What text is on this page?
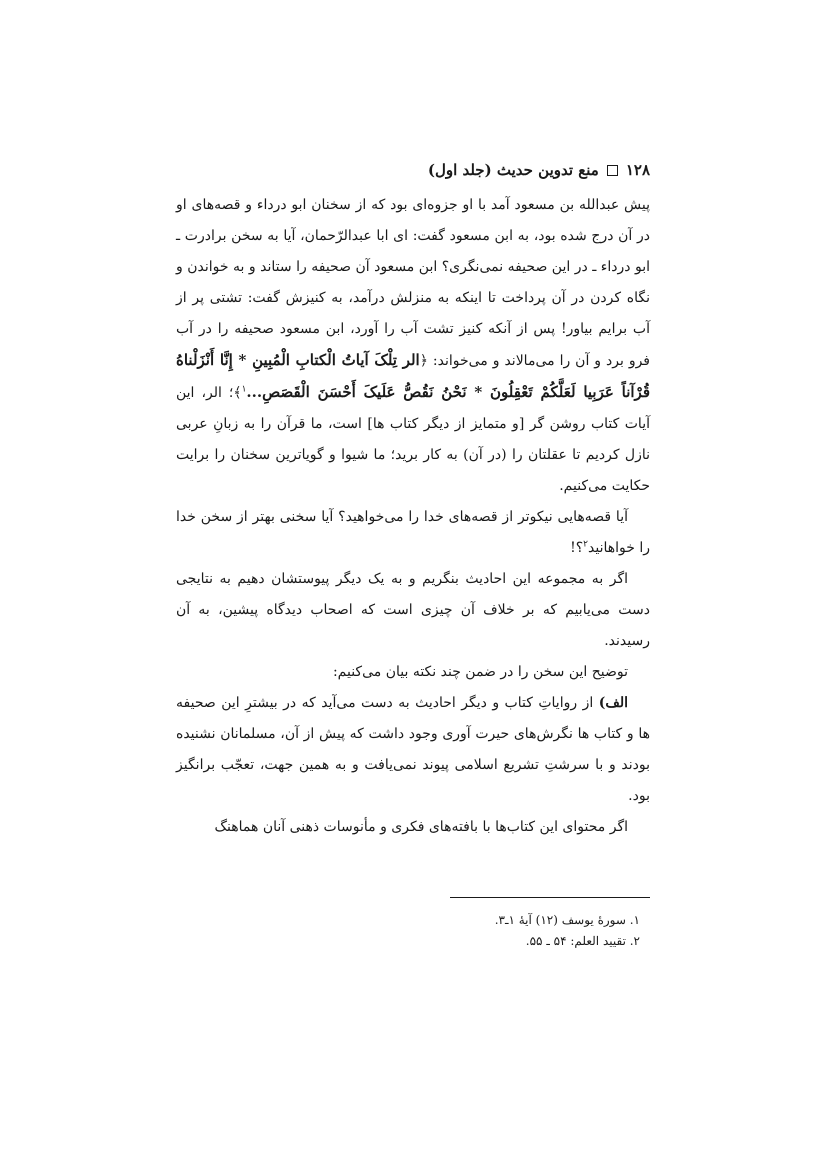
۱۲۸
منع تدوین حدیث (جلد اول)

پیش عبدالله بن مسعود آمد با او جزوه‌ای بود که از سخنان ابو درداء و قصه‌های او در آن درج شده بود، به ابن مسعود گفت: ای ابا عبدالرّحمان، آیا به سخن برادرت ـ ابو درداء ـ در این صحیفه نمی‌نگری؟ ابن مسعود آن صحیفه را ستاند و به خواندن و نگاه کردن در آن پرداخت تا اینکه به منزلش درآمد، به کنیزش گفت: تشتی پر از آب برایم بیاور! پس از آنکه کنیز تشت آب را آورد، ابن مسعود صحیفه را در آب فرو برد و آن را می‌مالاند و می‌خواند: ﴿الر تِلْکَ آیاتُ الْکتابِ الْمُبِینِ * إِنَّا أَنْزَلْناهُ قُرْآناً عَرَبِیا لَعَلَّکُمْ تَعْقِلُونَ * نَحْنُ نَقُصُّ عَلَیکَ أَحْسَنَ الْقَصَصِ...$^۱$﴾؛ الر، این آیات کتاب روشن گر [و متمایز از دیگر کتاب ها] است، ما قرآن را به زبانِ عربی نازل کردیم تا عقلتان را (در آن) به کار برید؛ ما شیوا و گویاترین سخنان را برایت حکایت می‌کنیم.

آیا قصه‌هایی نیکوتر از قصه‌های خدا را می‌خواهید؟ آیا سخنی بهتر از سخن خدا را خواهانید$^۲$؟!

اگر به مجموعه این احادیث بنگریم و به یک دیگر پیوستشان دهیم به نتایجی دست می‌یابیم که بر خلاف آن چیزی است که اصحاب دیدگاه پیشین، به آن رسیدند.

توضیح این سخن را در ضمن چند نکته بیان می‌کنیم:

الف) از روایاتِ کتاب و دیگر احادیث به دست می‌آید که در بیشترِ این صحیفه ها و کتاب ها نگرش‌های حیرت آوری وجود داشت که پیش از آن، مسلمانان نشنیده بودند و با سرشتِ تشریع اسلامی پیوند نمی‌یافت و به همین جهت، تعجّب برانگیز بود.

اگر محتوای این کتاب‌ها با بافته‌های فکری و مأنوسات ذهنی آنان هماهنگ

۱. سورۀ یوسف (۱۲) آیۀ ۱ـ۳.
۲. تقیید العلم: ۵۴ ـ ۵۵.
